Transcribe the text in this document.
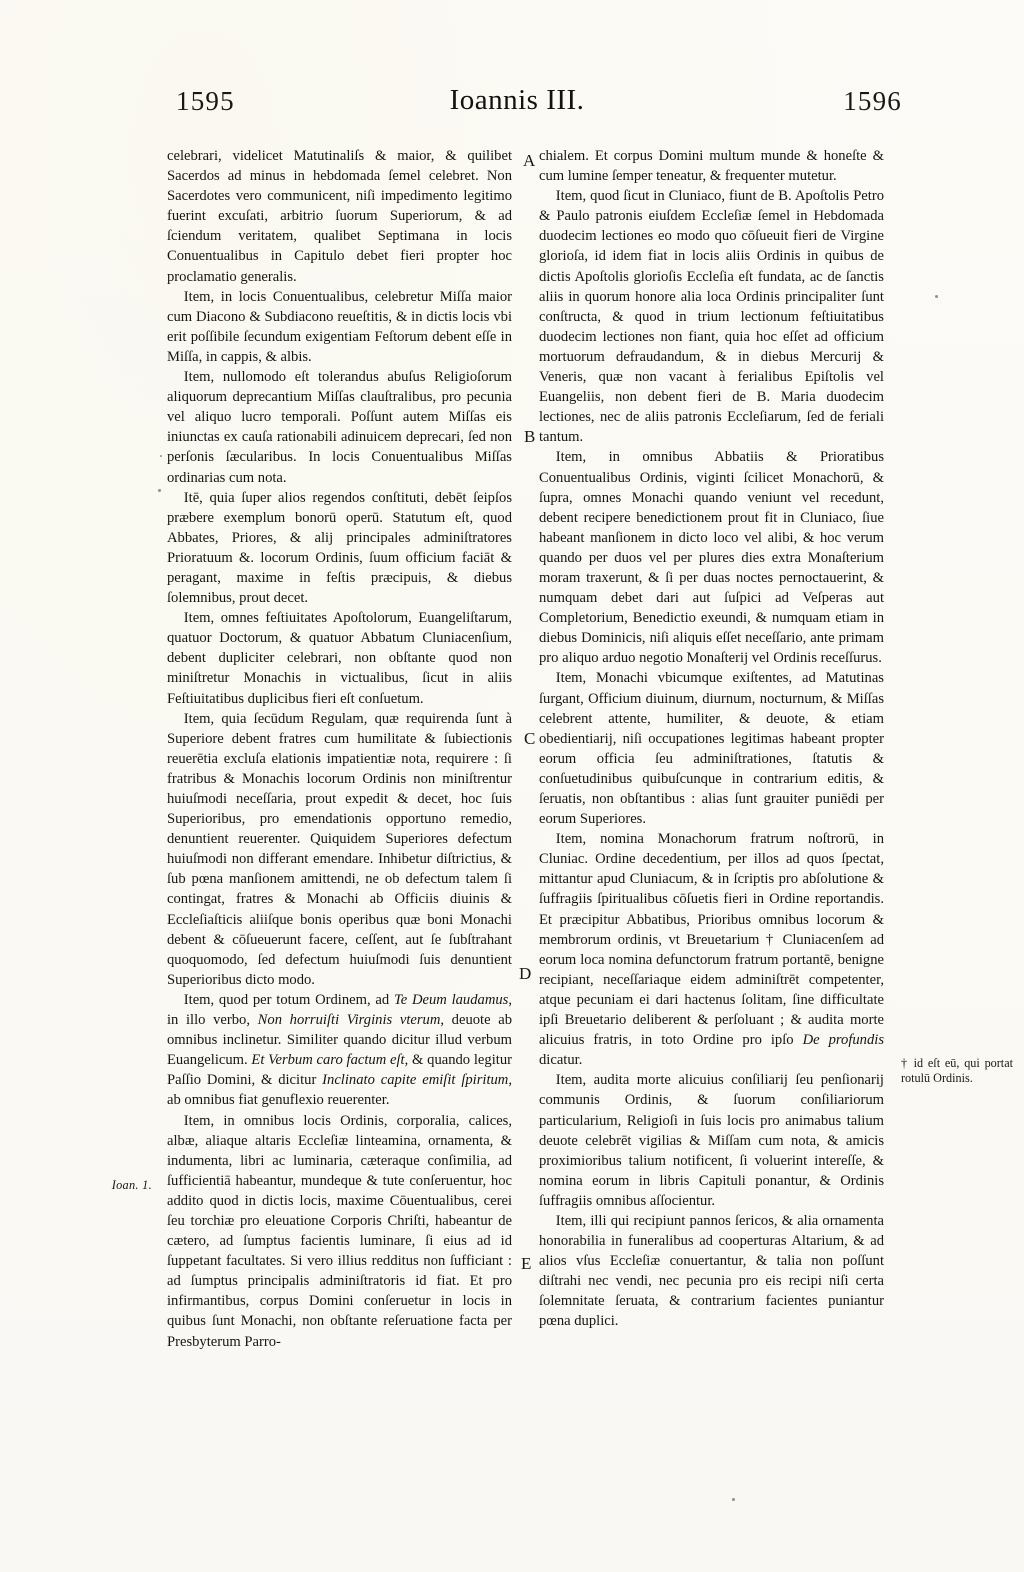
1595	Ioannis III.	1596

celebrari, videlicet Matutinaliſs & maior, & quilibet Sacerdos ad minus in hebdomada ſemel celebret. Non Sacerdotes vero communicent, niſi impedimento legitimo fuerint excuſati, arbitrio ſuorum Superiorum, & ad ſciendum veritatem, qualibet Septimana in locis Conuentualibus in Capitulo debet fieri propter hoc proclamatio generalis.

Item, in locis Conuentualibus, celebretur Miſſa maior cum Diacono & Subdiacono reueſtitis, & in dictis locis vbi erit poſſibile ſecundum exigentiam Feſtorum debent eſſe in Miſſa, in cappis, & albis.

Item, nullomodo eſt tolerandus abuſus Religioſorum aliquorum deprecantium Miſſas clauſtralibus, pro pecunia vel aliquo lucro temporali. Poſſunt autem Miſſas eis iniunctas ex cauſa rationabili adinuicem deprecari, ſed non perſonis ſæcularibus. In locis Conuentualibus Miſſas ordinarias cum nota.

Itē, quia ſuper alios regendos conſtituti, debēt ſeipſos præbere exemplum bonorū operū. Statutum eſt, quod Abbates, Priores, & alij principales adminiſtratores Prioratuum &. locorum Ordinis, ſuum officium faciāt & peragant, maxime in feſtis præcipuis, & diebus ſolemnibus, prout decet.

Item, omnes feſtiuitates Apoſtolorum, Euangeliſtarum, quatuor Doctorum, & quatuor Abbatum Cluniacenſium, debent dupliciter celebrari, non obſtante quod non miniſtretur Monachis in victualibus, ſicut in aliis Feſtiuitatibus duplicibus fieri eſt conſuetum.

Item, quia ſecūdum Regulam, quæ requirenda ſunt à Superiore debent fratres cum humilitate & ſubiectionis reuerētia excluſa elationis impatientiæ nota, requirere : ſi fratribus & Monachis locorum Ordinis non miniſtrentur huiuſmodi neceſſaria, prout expedit & decet, hoc ſuis Superioribus, pro emendationis opportuno remedio, denuntient reuerenter. Quiquidem Superiores defectum huiuſmodi non differant emendare. Inhibetur diſtrictius, & ſub pœna manſionem amittendi, ne ob defectum talem ſi contingat, fratres & Monachi ab Officiis diuinis & Eccleſiaſticis aliiſque bonis operibus quæ boni Monachi debent & cōſueuerunt facere, ceſſent, aut ſe ſubſtrahant quoquomodo, ſed defectum huiuſmodi ſuis denuntient Superioribus dicto modo.

Item, quod per totum Ordinem, ad Te Deum laudamus, in illo verbo, Non horruiſti Virginis vterum, deuote ab omnibus inclinetur. Similiter quando dicitur illud verbum Euangelicum. Et Verbum caro factum eſt, & quando legitur Paſſio Domini, & dicitur Inclinato capite emiſit ſpiritum, ab omnibus fiat genuflexio reuerenter.

Item, in omnibus locis Ordinis, corporalia, calices, albæ, aliaque altaris Eccleſiæ linteamina, ornamenta, & indumenta, libri ac luminaria, cæteraque conſimilia, ad ſufficientiā habeantur, mundeque & tute conſeruentur, hoc addito quod in dictis locis, maxime Cōuentualibus, cerei ſeu torchiæ pro eleuatione Corporis Chriſti, habeantur de cætero, ad ſumptus facientis luminare, ſi eius ad id ſuppetant facultates. Si vero illius redditus non ſufficiant : ad ſumptus principalis adminiſtratoris id fiat. Et pro infirmantibus, corpus Domini conſeruetur in locis in quibus ſunt Monachi, non obſtante reſeruatione facta per Presbyterum Parro-

chialem. Et corpus Domini multum munde & honeſte & cum lumine ſemper teneatur, & frequenter mutetur.

Item, quod ſicut in Cluniaco, fiunt de B. Apoſtolis Petro & Paulo patronis eiuſdem Eccleſiæ ſemel in Hebdomada duodecim lectiones eo modo quo cōſueuit fieri de Virgine glorioſa, id idem fiat in locis aliis Ordinis in quibus de dictis Apoſtolis glorioſis Eccleſia eſt fundata, ac de ſanctis aliis in quorum honore alia loca Ordinis principaliter ſunt conſtructa, & quod in trium lectionum feſtiuitatibus duodecim lectiones non fiant, quia hoc eſſet ad officium mortuorum defraudandum, & in diebus Mercurij & Veneris, quæ non vacant à ferialibus Epiſtolis vel Euangeliis, non debent fieri de B. Maria duodecim lectiones, nec de aliis patronis Eccleſiarum, ſed de feriali tantum.

Item, in omnibus Abbatiis & Prioratibus Conuentualibus Ordinis, viginti ſcilicet Monachorū, & ſupra, omnes Monachi quando veniunt vel recedunt, debent recipere benedictionem prout fit in Cluniaco, ſiue habeant manſionem in dicto loco vel alibi, & hoc verum quando per duos vel per plures dies extra Monaſterium moram traxerunt, & ſi per duas noctes pernoctauerint, & numquam debet dari aut ſuſpici ad Veſperas aut Completorium, Benedictio exeundi, & numquam etiam in diebus Dominicis, niſi aliquis eſſet neceſſario, ante primam pro aliquo arduo negotio Monaſterij vel Ordinis receſſurus.

Item, Monachi vbicumque exiſtentes, ad Matutinas ſurgant, Officium diuinum, diurnum, nocturnum, & Miſſas celebrent attente, humiliter, & deuote, & etiam obedientiarij, niſi occupationes legitimas habeant propter eorum officia ſeu adminiſtrationes, ſtatutis & conſuetudinibus quibuſcunque in contrarium editis, & ſeruatis, non obſtantibus : alias ſunt grauiter puniēdi per eorum Superiores.

Item, nomina Monachorum fratrum noſtrorū, in Cluniac. Ordine decedentium, per illos ad quos ſpectat, mittantur apud Cluniacum, & in ſcriptis pro abſolutione & ſuffragiis ſpiritualibus cōſuetis fieri in Ordine reportandis. Et præcipitur Abbatibus, Prioribus omnibus locorum & membrorum ordinis, vt Breuetarium † Cluniacenſem ad eorum loca nomina defunctorum fratrum portantē, benigne recipiant, neceſſariaque eidem adminiſtrēt competenter, atque pecuniam ei dari hactenus ſolitam, ſine difficultate ipſi Breuetario deliberent & perſoluant ; & audita morte alicuius fratris, in toto Ordine pro ipſo De profundis dicatur.

Item, audita morte alicuius conſiliarij ſeu penſionarij communis Ordinis, & ſuorum conſiliariorum particularium, Religioſi in ſuis locis pro animabus talium deuote celebrēt vigilias & Miſſam cum nota, & amicis proximioribus talium notificent, ſi voluerint intereſſe, & nomina eorum in libris Capituli ponantur, & Ordinis ſuffragiis omnibus aſſocientur.

Item, illi qui recipiunt pannos ſericos, & alia ornamenta honorabilia in funeralibus ad cooperturas Altarium, & ad alios vſus Eccleſiæ conuertantur, & talia non poſſunt diſtrahi nec vendi, nec pecunia pro eis recipi niſi certa ſolemnitate ſeruata, & contrarium facientes puniantur pœna duplici.

A
B
C
D
E
Ioan. 1.
† id eſt eū, qui portat rotulū Ordinis.
